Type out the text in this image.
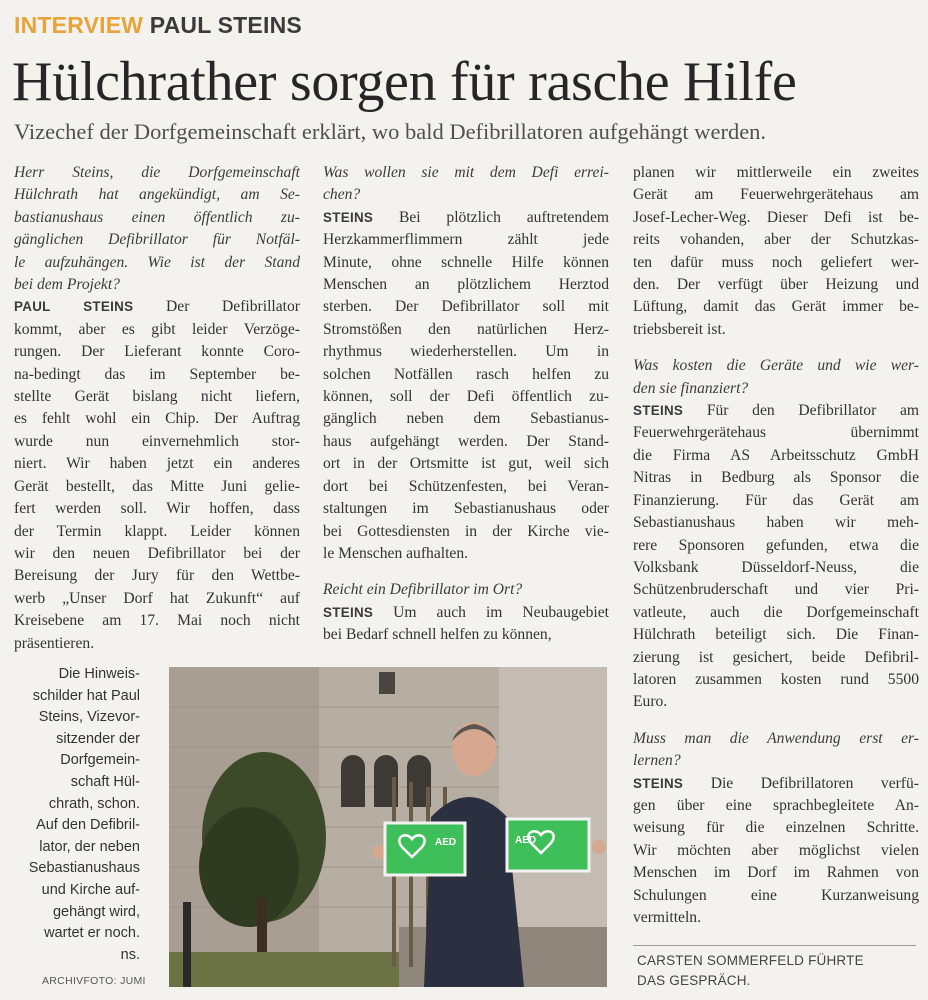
INTERVIEW PAUL STEINS
Hülchrather sorgen für rasche Hilfe
Vizechef der Dorfgemeinschaft erklärt, wo bald Defibrillatoren aufgehängt werden.
Herr Steins, die Dorfgemeinschaft
Hülchrath hat angekündigt, am Se-
bastianushaus einen öffentlich zu-
gänglichen Defibrillator für Notfäl-
le aufzuhängen. Wie ist der Stand
bei dem Projekt?

PAUL STEINS Der Defibrillator

kommt, aber es gibt leider Verzöge-
rungen. Der Lieferant konnte Coro-
na-bedingt das im September be-
stellte Gerät bislang nicht liefern,
es fehlt wohl ein Chip. Der Auftrag
wurde nun einvernehmlich stor-
niert. Wir haben jetzt ein anderes
Gerät bestellt, das Mitte Juni gelie-
fert werden soll. Wir hoffen, dass
der Termin klappt. Leider können
wir den neuen Defibrillator bei der
Bereisung der Jury für den Wettbe-
werb „Unser Dorf hat Zukunft“ auf
Kreisebene am 17. Mai noch nicht
präsentieren.
Was wollen sie mit dem Defi errei-
chen?

STEINS Bei plötzlich auftretendem

Herzkammerflimmern zählt jede
Minute, ohne schnelle Hilfe können
Menschen an plötzlichem Herztod
sterben. Der Defibrillator soll mit
Stromstößen den natürlichen Herz-
rhythmus wiederherstellen. Um in
solchen Notfällen rasch helfen zu
können, soll der Defi öffentlich zu-
gänglich neben dem Sebastianus-
haus aufgehängt werden. Der Stand-
ort in der Ortsmitte ist gut, weil sich
dort bei Schützenfesten, bei Veran-
staltungen im Sebastianushaus oder
bei Gottesdiensten in der Kirche vie-
le Menschen aufhalten.
Reicht ein Defibrillator im Ort?

STEINS Um auch im Neubaugebiet

bei Bedarf schnell helfen zu können,
planen wir mittlerweile ein zweites
Gerät am Feuerwehrgerätehaus am
Josef-Lecher-Weg. Dieser Defi ist be-
reits vohanden, aber der Schutzkas-
ten dafür muss noch geliefert wer-
den. Der verfügt über Heizung und
Lüftung, damit das Gerät immer be-
triebsbereit ist.
Was kosten die Geräte und wie wer-
den sie finanziert?

STEINS Für den Defibrillator am

Feuerwehrgerätehaus übernimmt
die Firma AS Arbeitsschutz GmbH
Nitras in Bedburg als Sponsor die
Finanzierung. Für das Gerät am
Sebastianushaus haben wir meh-
rere Sponsoren gefunden, etwa die
Volksbank Düsseldorf-Neuss, die
Schützenbruderschaft und vier Pri-
vatleute, auch die Dorfgemeinschaft
Hülchrath beteiligt sich. Die Finan-
zierung ist gesichert, beide Defibril-
latoren zusammen kosten rund 5500
Euro.
Muss man die Anwendung erst er-
lernen?

STEINS Die Defibrillatoren verfü-

gen über eine sprachbegleitete An-
weisung für die einzelnen Schritte.
Wir möchten aber möglichst vielen
Menschen im Dorf im Rahmen von
Schulungen eine Kurzanweisung
vermitteln.
Die Hinweis-
schilder hat Paul
Steins, Vizevor-
sitzender der
Dorfgemein-
schaft Hül-
chrath, schon.
Auf den Defibril-
lator, der neben
Sebastianushaus
und Kirche auf-
gehängt wird,
wartet er noch.
ns.
ARCHIVFOTO: JUMI
AED	AED
CARSTEN SOMMERFELD FÜHRTE
DAS GESPRÄCH.
